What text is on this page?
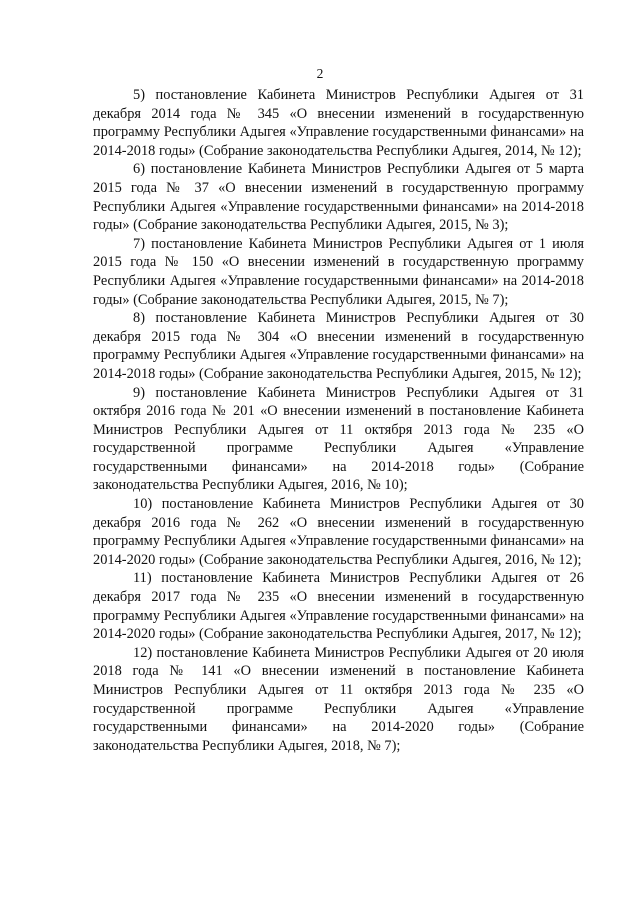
2

5) постановление Кабинета Министров Республики Адыгея от 31 декабря 2014 года № 345 «О внесении изменений в государственную программу Республики Адыгея «Управление государственными финансами» на 2014-2018 годы» (Собрание законодательства Республики Адыгея, 2014, № 12);

6) постановление Кабинета Министров Республики Адыгея от 5 марта 2015 года № 37 «О внесении изменений в государственную программу Республики Адыгея «Управление государственными финансами» на 2014-2018 годы» (Собрание законодательства Республики Адыгея, 2015, № 3);

7) постановление Кабинета Министров Республики Адыгея от 1 июля 2015 года № 150 «О внесении изменений в государственную программу Республики Адыгея «Управление государственными финансами» на 2014-2018 годы» (Собрание законодательства Республики Адыгея, 2015, № 7);

8) постановление Кабинета Министров Республики Адыгея от 30 декабря 2015 года № 304 «О внесении изменений в государственную программу Республики Адыгея «Управление государственными финансами» на 2014-2018 годы» (Собрание законодательства Республики Адыгея, 2015, № 12);

9) постановление Кабинета Министров Республики Адыгея от 31 октября 2016 года № 201 «О внесении изменений в постановление Кабинета Министров Республики Адыгея от 11 октября 2013 года № 235 «О государственной программе Республики Адыгея «Управление государственными финансами» на 2014-2018 годы» (Собрание законодательства Республики Адыгея, 2016, № 10);

10) постановление Кабинета Министров Республики Адыгея от 30 декабря 2016 года № 262 «О внесении изменений в государственную программу Республики Адыгея «Управление государственными финансами» на 2014-2020 годы» (Собрание законодательства Республики Адыгея, 2016, № 12);

11) постановление Кабинета Министров Республики Адыгея от 26 декабря 2017 года № 235 «О внесении изменений в государственную программу Республики Адыгея «Управление государственными финансами» на 2014-2020 годы» (Собрание законодательства Республики Адыгея, 2017, № 12);

12) постановление Кабинета Министров Республики Адыгея от 20 июля 2018 года № 141 «О внесении изменений в постановление Кабинета Министров Республики Адыгея от 11 октября 2013 года № 235 «О государственной программе Республики Адыгея «Управление государственными финансами» на 2014-2020 годы» (Собрание законодательства Республики Адыгея, 2018, № 7);
